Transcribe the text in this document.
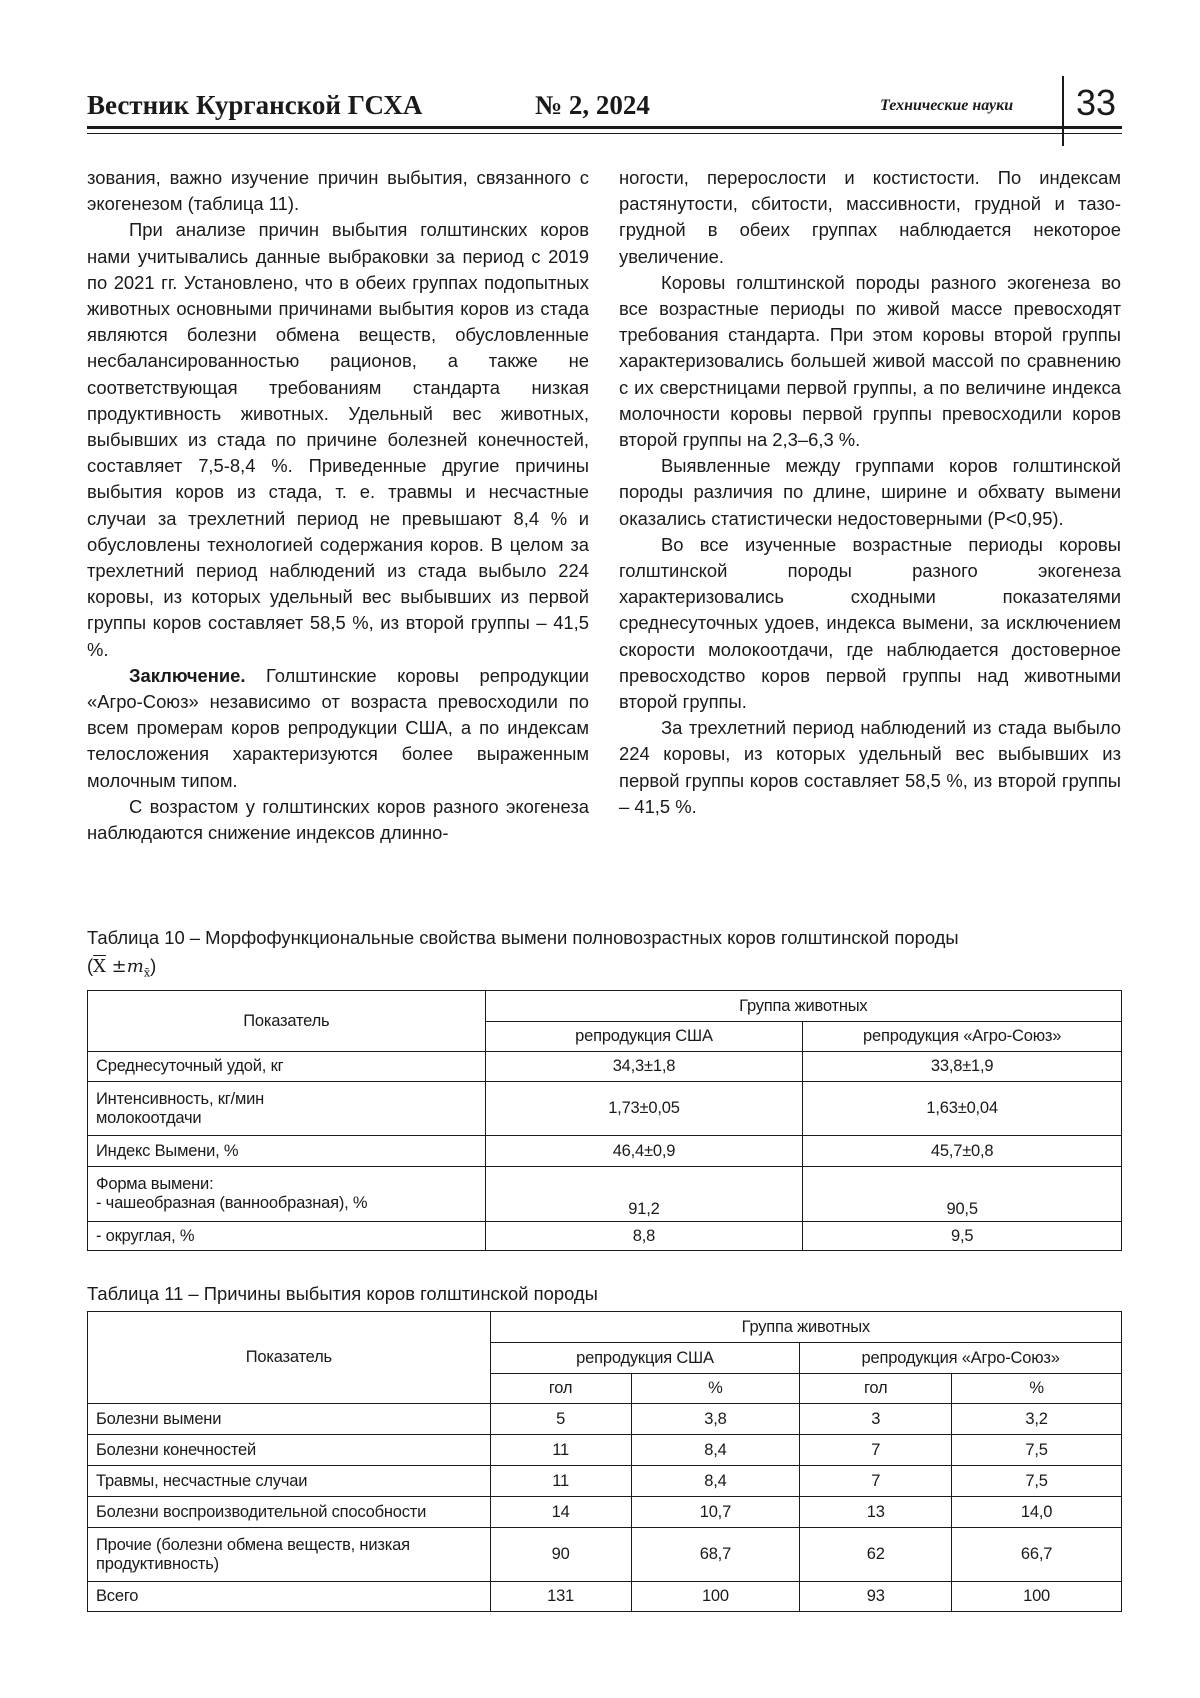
Вестник Курганской ГСХА	№ 2, 2024	Технические науки 33

зования, важно изучение причин выбытия, связанного с экогенезом (таблица 11).

При анализе причин выбытия голштинских коров нами учитывались данные выбраковки за период с 2019 по 2021 гг. Установлено, что в обеих группах подопытных животных основными причинами выбытия коров из стада являются болезни обмена веществ, обусловленные несбалансированностью рационов, а также не соответствующая требованиям стандарта низкая продуктивность животных. Удельный вес животных, выбывших из стада по причине болезней конечностей, составляет 7,5-8,4 %. Приведенные другие причины выбытия коров из стада, т. е. травмы и несчастные случаи за трехлетний период не превышают 8,4 % и обусловлены технологией содержания коров. В целом за трехлетний период наблюдений из стада выбыло 224 коровы, из которых удельный вес выбывших из первой группы коров составляет 58,5 %, из второй группы – 41,5 %.

Заключение. Голштинские коровы репродукции «Агро-Союз» независимо от возраста превосходили по всем промерам коров репродукции США, а по индексам телосложения характеризуются более выраженным молочным типом.

С возрастом у голштинских коров разного экогенеза наблюдаются снижение индексов длинно-

ногости, перерослости и костистости. По индексам растянутости, сбитости, массивности, грудной и тазо-грудной в обеих группах наблюдается некоторое увеличение.

Коровы голштинской породы разного экогенеза во все возрастные периоды по живой массе превосходят требования стандарта. При этом коровы второй группы характеризовались большей живой массой по сравнению с их сверстницами первой группы, а по величине индекса молочности коровы первой группы превосходили коров второй группы на 2,3–6,3 %.

Выявленные между группами коров голштинской породы различия по длине, ширине и обхвату вымени оказались статистически недостоверными (Р<0,95).

Во все изученные возрастные периоды коровы голштинской породы разного экогенеза характеризовались сходными показателями среднесуточных удоев, индекса вымени, за исключением скорости молокоотдачи, где наблюдается достоверное превосходство коров первой группы над животными второй группы.

За трехлетний период наблюдений из стада выбыло 224 коровы, из которых удельный вес выбывших из первой группы коров составляет 58,5 %, из второй группы – 41,5 %.

Таблица 10 – Морфофункциональные свойства вымени полновозрастных коров голштинской породы
$(\overline{X} \pm m_{x̄})$
Показатель	Группа животных	
	репродукция США	репродукция «Агро-Союз»
Среднесуточный удой, кг	34,3±1,8	33,8±1,9

Интенсивность, кг/мин
молокоотдачи	1,73±0,05	1,63±0,04
Индекс Вымени, %	46,4±0,9	45,7±0,8

Форма вымени:
- чашеобразная (ваннообразная), %	91,2	90,5
- округлая, %	8,8	9,5
Таблица 11 – Причины выбытия коров голштинской породы
Показатель	Группа животных			
	репродукция США		репродукция «Агро-Союз»	
	гол	%	гол	%
Болезни вымени	5	3,8	3	3,2
Болезни конечностей	11	8,4	7	7,5
Травмы, несчастные случаи	11	8,4	7	7,5
Болезни воспроизводительной способности	14	10,7	13	14,0
Прочие (болезни обмена веществ, низкая продуктивность)	90	68,7	62	66,7
Всего	131	100	93	100
